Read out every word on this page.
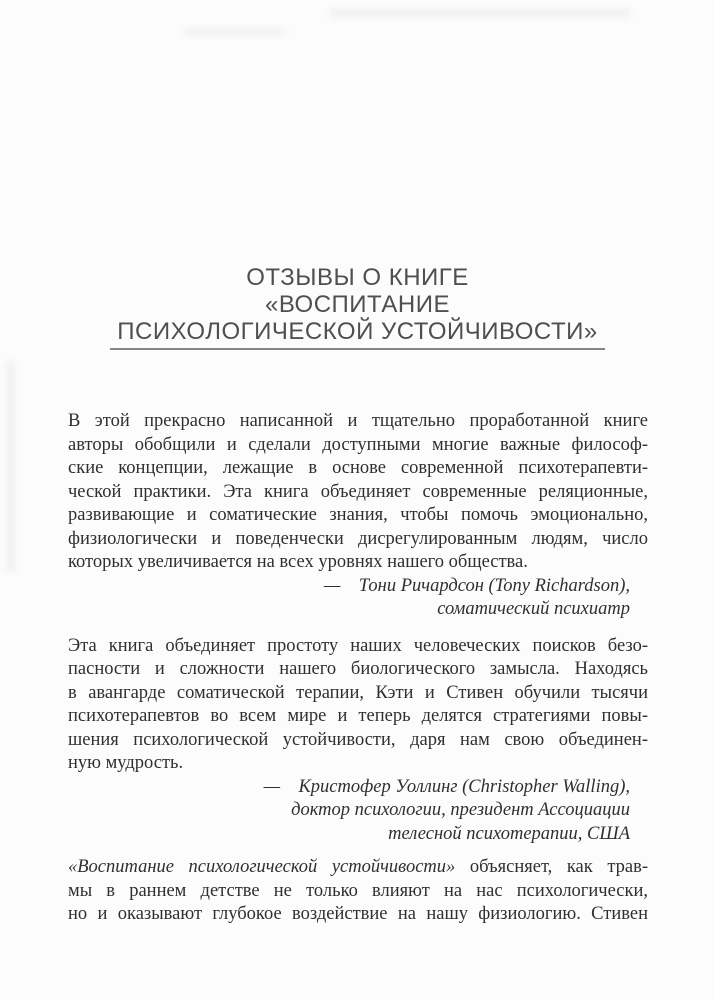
ОТЗЫВЫ О КНИГЕ
«ВОСПИТАНИЕ
ПСИХОЛОГИЧЕСКОЙ УСТОЙЧИВОСТИ»
В этой прекрасно написанной и тщательно проработанной книге
авторы обобщили и сделали доступными многие важные философ-
ские концепции, лежащие в основе современной психотерапевти-
ческой практики. Эта книга объединяет современные реляционные,
развивающие и соматические знания, чтобы помочь эмоционально,
физиологически и поведенчески дисрегулированным людям, число
которых увеличивается на всех уровнях нашего общества.
— Тони Ричардсон (Tony Richardson),
соматический психиатр
Эта книга объединяет простоту наших человеческих поисков безо-
пасности и сложности нашего биологического замысла. Находясь
в авангарде соматической терапии, Кэти и Стивен обучили тысячи
психотерапевтов во всем мире и теперь делятся стратегиями повы-
шения психологической устойчивости, даря нам свою объединен-
ную мудрость.
— Кристофер Уоллинг (Christopher Walling),
доктор психологии, президент Ассоциации
телесной психотерапии, США
«Воспитание психологической устойчивости» объясняет, как трав-
мы в раннем детстве не только влияют на нас психологически,
но и оказывают глубокое воздействие на нашу физиологию. Стивен
